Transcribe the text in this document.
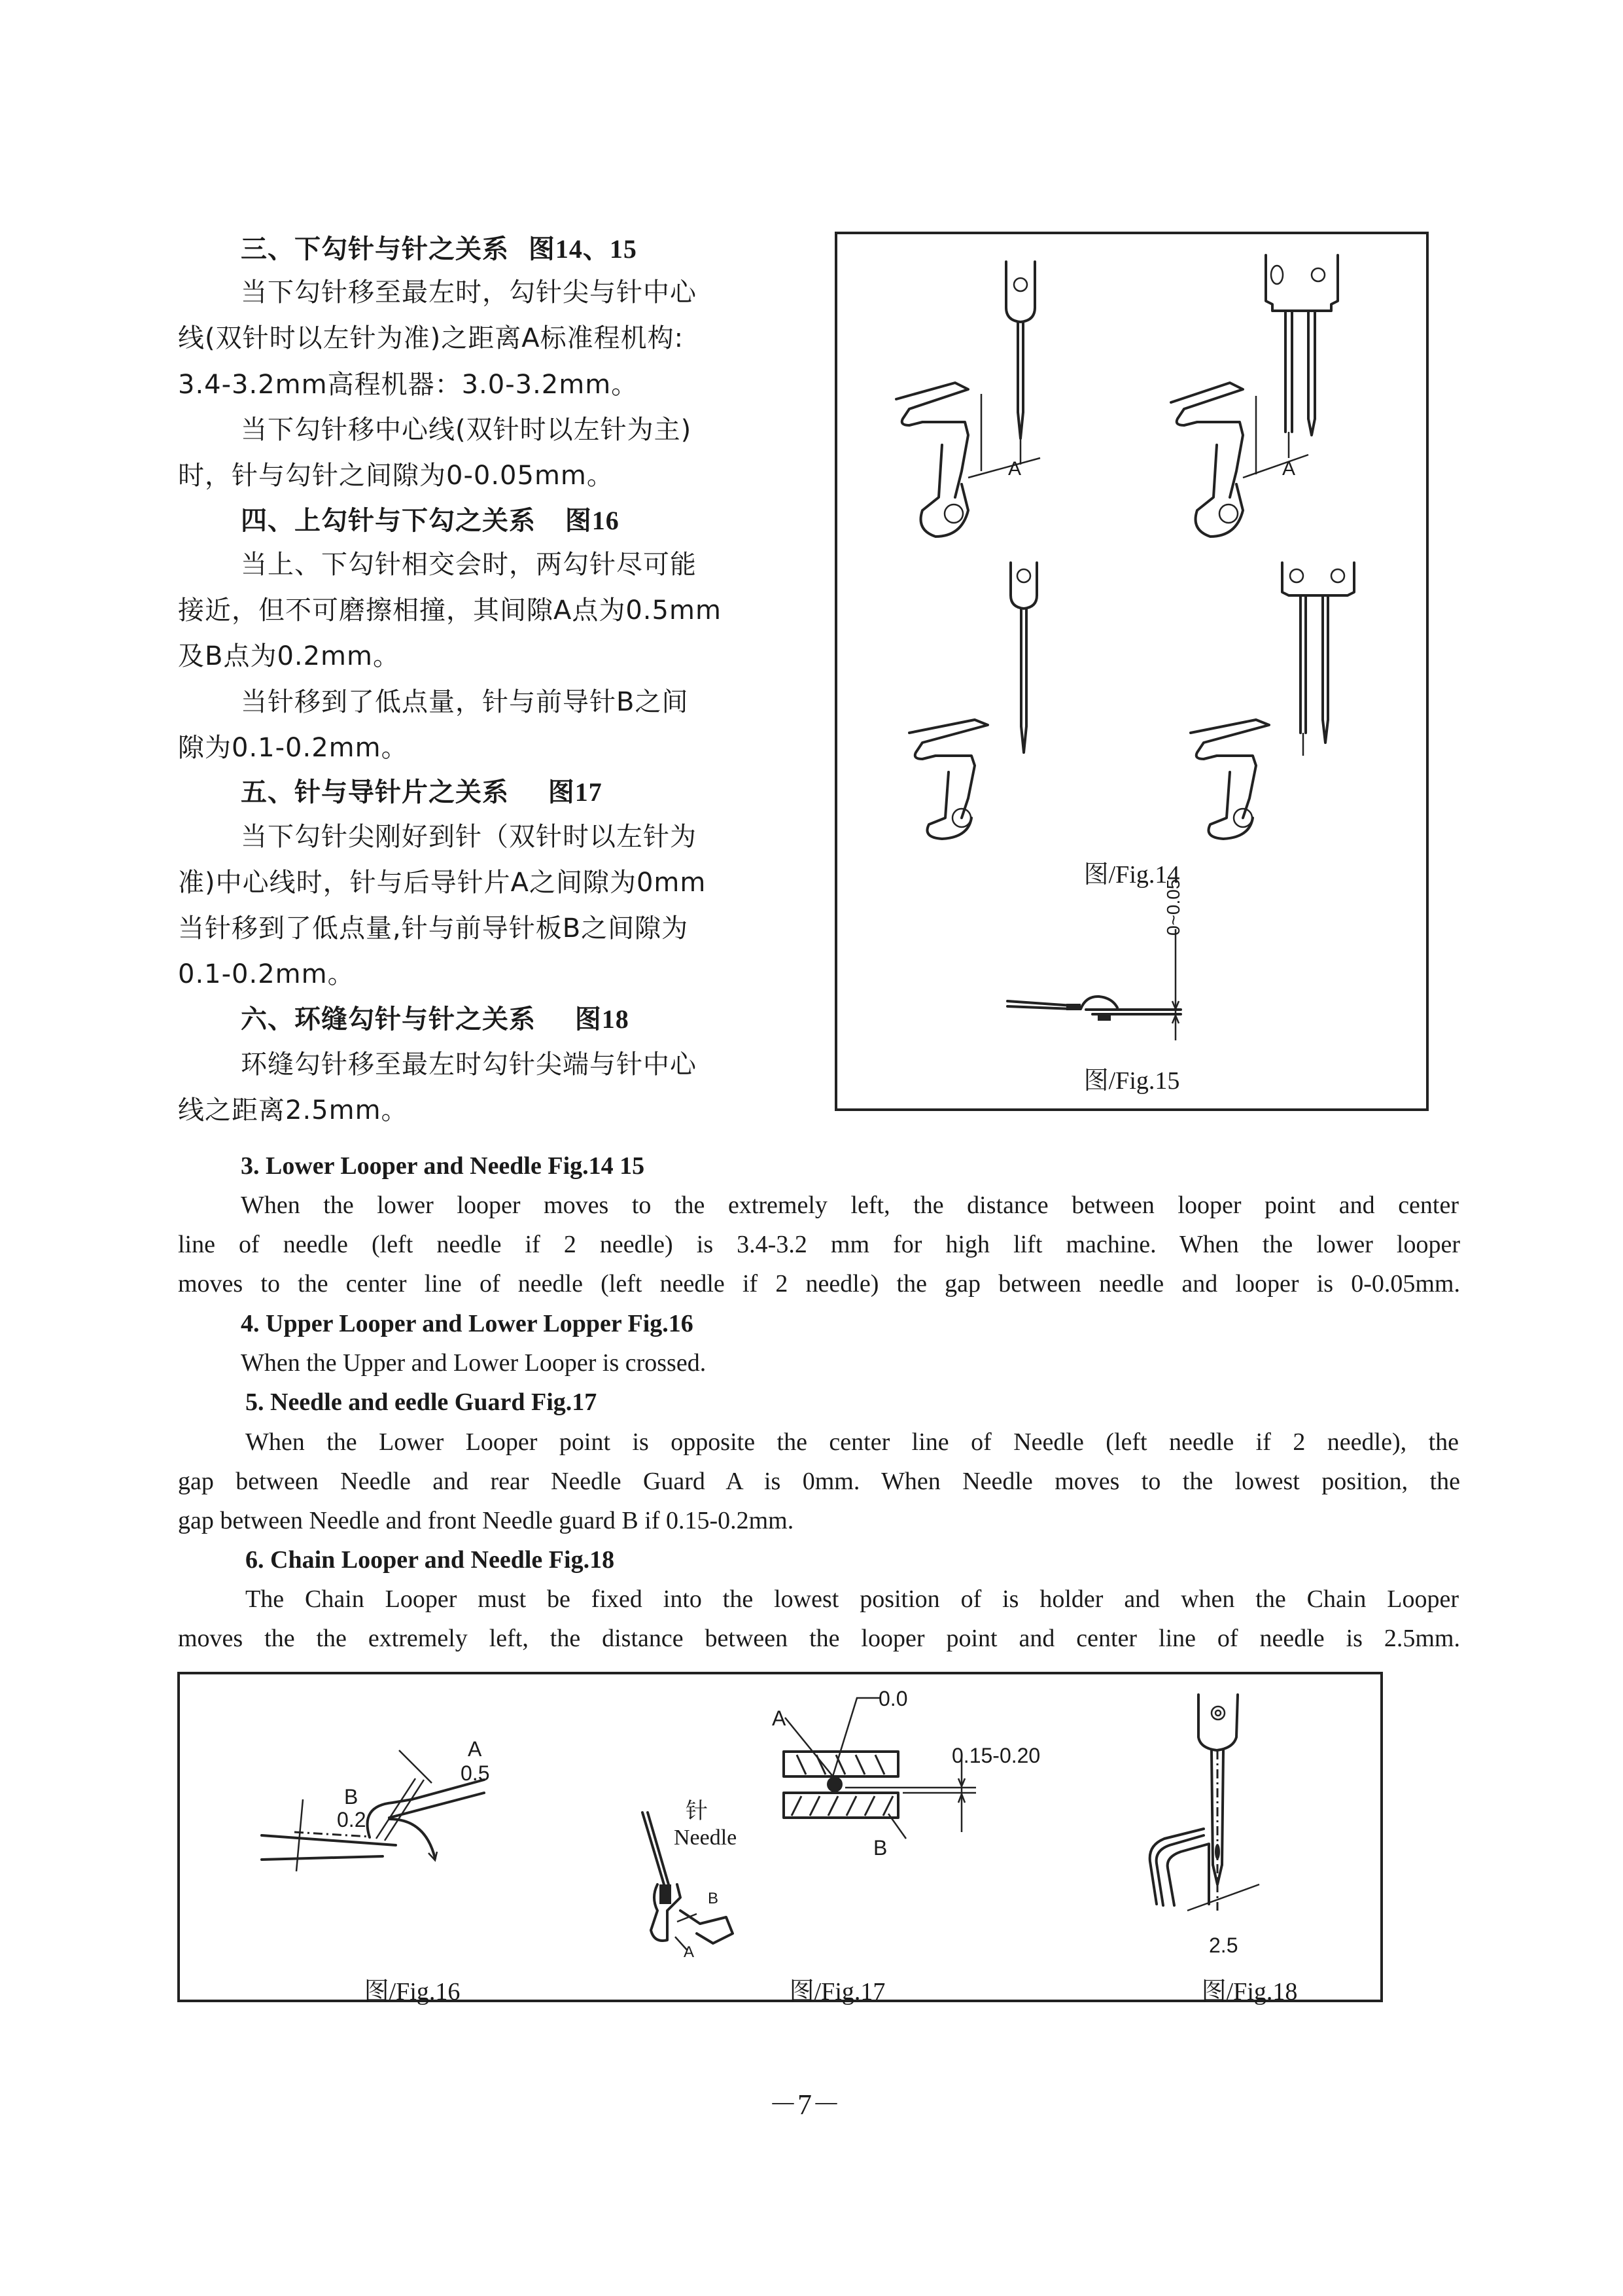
三、下勾针与针之关系 图14、15
当下勾针移至最左时，勾针尖与针中心
线(双针时以左针为准)之距离A标准程机构:
3.4-3.2mm高程机器：3.0-3.2mm。
当下勾针移中心线(双针时以左针为主)
时，针与勾针之间隙为0-0.05mm。
四、上勾针与下勾之关系 图16
当上、下勾针相交会时，两勾针尽可能
接近，但不可磨擦相撞，其间隙A点为0.5mm
及B点为0.2mm。
当针移到了低点量，针与前导针B之间
隙为0.1-0.2mm。
五、针与导针片之关系 图17
当下勾针尖刚好到针（双针时以左针为
准)中心线时，针与后导针片A之间隙为0mm
当针移到了低点量,针与前导针板B之间隙为
0.1-0.2mm。
六、环缝勾针与针之关系 图18
环缝勾针移至最左时勾针尖端与针中心
线之距离2.5mm。
A	A
图/Fig.14
0~0.05
图/Fig.15
3. Lower Looper and Needle Fig.14 15
When the lower looper moves to the extremely left, the distance between looper point and center
line of needle (left needle if 2 needle) is 3.4-3.2 mm for high lift machine. When the lower looper
moves to the center line of needle (left needle if 2 needle) the gap between needle and looper is 0-0.05mm.
4. Upper Looper and Lower Lopper Fig.16
When the Upper and Lower Looper is crossed.
5. Needle and eedle Guard Fig.17
When the Lower Looper point is opposite the center line of Needle (left needle if 2 needle), the
gap between Needle and rear Needle Guard A is 0mm. When Needle moves to the lowest position, the
gap between Needle and front Needle guard B if 0.15-0.2mm.
6. Chain Looper and Needle Fig.18
The Chain Looper must be fixed into the lowest position of is holder and when the Chain Looper
moves the the extremely left, the distance between the looper point and center line of needle is 2.5mm.
A
0.5
B
0.2
图/Fig.16
0.0
A
B
0.15-0.20
针
Needle
B
A
图/Fig.17
2.5
图/Fig.18
－7－
